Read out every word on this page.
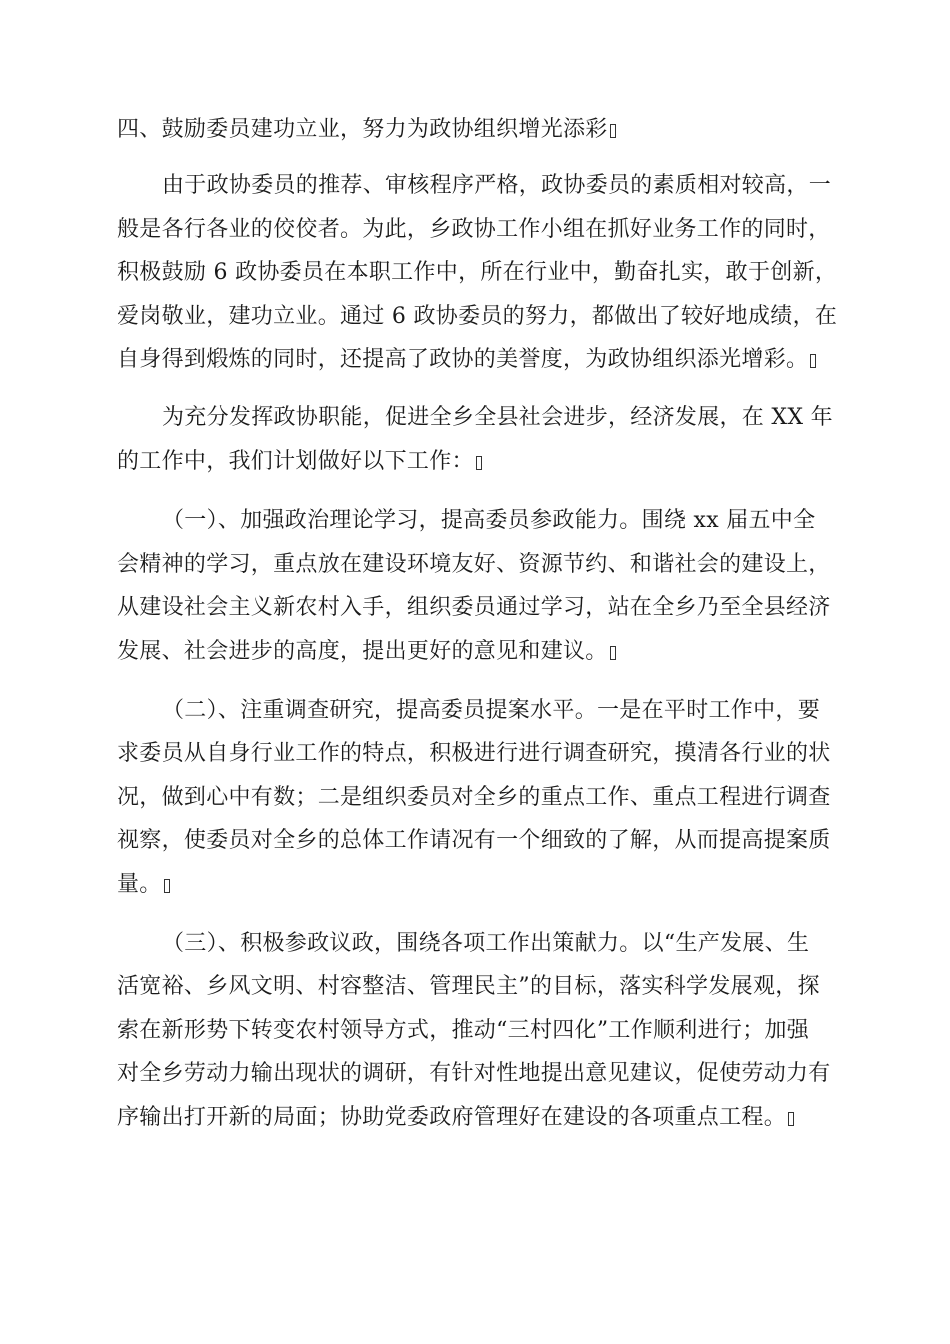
四、鼓励委员建功立业，努力为政协组织增光添彩
由于政协委员的推荐、审核程序严格，政协委员的素质相对较高，一
般是各行各业的佼佼者。为此，乡政协工作小组在抓好业务工作的同时，
积极鼓励 6 政协委员在本职工作中，所在行业中，勤奋扎实，敢于创新，
爱岗敬业，建功立业。通过 6 政协委员的努力，都做出了较好地成绩，在
自身得到煅炼的同时，还提高了政协的美誉度，为政协组织添光增彩。
为充分发挥政协职能，促进全乡全县社会进步，经济发展，在 XX 年
的工作中，我们计划做好以下工作：
（一）、加强政治理论学习，提高委员参政能力。围绕 xx 届五中全
会精神的学习，重点放在建设环境友好、资源节约、和谐社会的建设上，
从建设社会主义新农村入手，组织委员通过学习，站在全乡乃至全县经济
发展、社会进步的高度，提出更好的意见和建议。
（二）、注重调查研究，提高委员提案水平。一是在平时工作中，要
求委员从自身行业工作的特点，积极进行进行调查研究，摸清各行业的状
况，做到心中有数；二是组织委员对全乡的重点工作、重点工程进行调查
视察，使委员对全乡的总体工作请况有一个细致的了解，从而提高提案质
量。
（三）、积极参政议政，围绕各项工作出策献力。以“生产发展、生
活宽裕、乡风文明、村容整洁、管理民主”的目标，落实科学发展观，探
索在新形势下转变农村领导方式，推动“三村四化”工作顺利进行；加强
对全乡劳动力输出现状的调研，有针对性地提出意见建议，促使劳动力有
序输出打开新的局面；协助党委政府管理好在建设的各项重点工程。
